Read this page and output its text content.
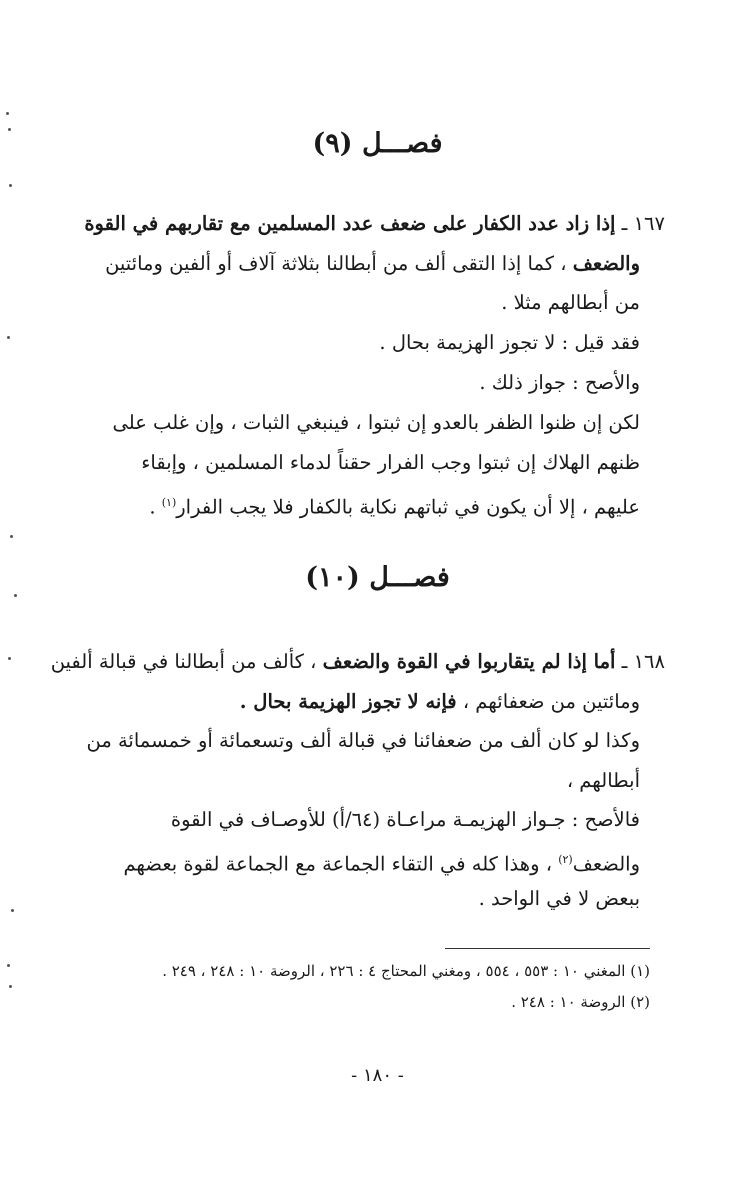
فصـــل (٩)
١٦٧ ـ إذا زاد عدد الكفار على ضعف عدد المسلمين مع تقاربهم في القوة
والضعف ، كما إذا التقى ألف من أبطالنا بثلاثة آلاف أو ألفين ومائتين
من أبطالهم مثلا .
فقد قيل : لا تجوز الهزيمة بحال .
والأصح : جواز ذلك .
لكن إن ظنوا الظفر بالعدو إن ثبتوا ، فينبغي الثبات ، وإن غلب على
ظنهم الهلاك إن ثبتوا وجب الفرار حقناً لدماء المسلمين ، وإبقاء
عليهم ، إلا أن يكون في ثباتهم نكاية بالكفار فلا يجب الفرار$^{(١)}$ .
فصـــل (١٠)
١٦٨ ـ أما إذا لم يتقاربوا في القوة والضعف ، كألف من أبطالنا في قبالة ألفين
ومائتين من ضعفائهم ، فإنه لا تجوز الهزيمة بحال .
وكذا لو كان ألف من ضعفائنا في قبالة ألف وتسعمائة أو خمسمائة من
أبطالهم ،
فالأصح : جـواز الهزيمـة مراعـاة (٦٤/أ) للأوصـاف في القوة
والضعف$^{(٢)}$ ، وهذا كله في التقاء الجماعة مع الجماعة لقوة بعضهم
ببعض لا في الواحد .
(١) المغني ١٠ : ٥٥٣ ، ٥٥٤ ، ومغني المحتاج ٤ : ٢٢٦ ، الروضة ١٠ : ٢٤٨ ، ٢٤٩ .
(٢) الروضة ١٠ : ٢٤٨ .
- ١٨٠ -
